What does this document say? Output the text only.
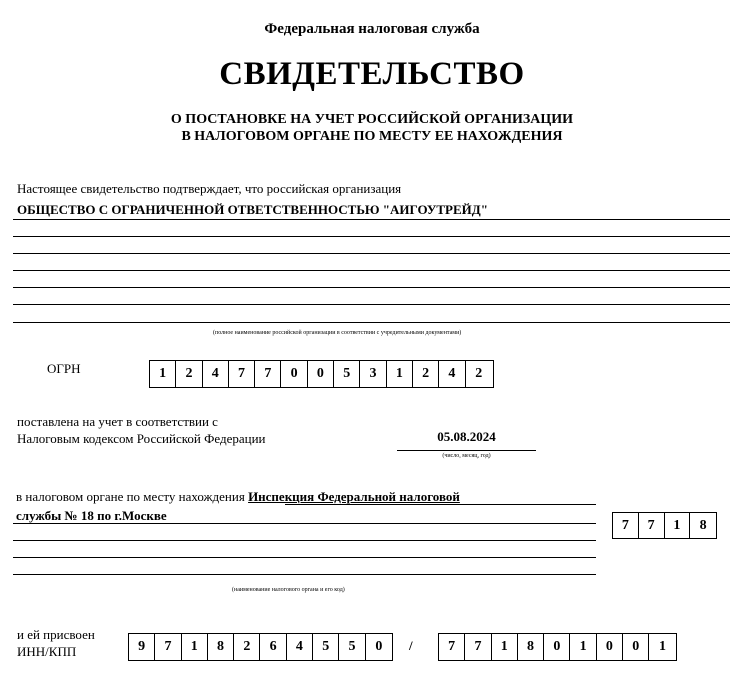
Федеральная налоговая служба
СВИДЕТЕЛЬСТВО
О ПОСТАНОВКЕ НА УЧЕТ РОССИЙСКОЙ ОРГАНИЗАЦИИ
В НАЛОГОВОМ ОРГАНЕ ПО МЕСТУ ЕЕ НАХОЖДЕНИЯ
Настоящее свидетельство подтверждает, что российская организация
ОБЩЕСТВО С ОГРАНИЧЕННОЙ ОТВЕТСТВЕННОСТЬЮ "АИГОУТРЕЙД"
(полное наименование российской организации в соответствии с учредительными документами)
ОГРН	1	2	4	7	7	0	0	5	3	1	2	4	2
поставлена на учет в соответствии с
Налоговым кодексом Российской Федерации	05.08.2024
(число, месяц, год)
в налоговом органе по месту нахождения Инспекция Федеральной налоговой
службы № 18 по г.Москве
(наименование налогового органа и его код)
7	7	1	8
и ей присвоен
ИНН/КПП	9	7	1	8	2	6	4	5	5	0	/	7	7	1	8	0	1	0	0	1
